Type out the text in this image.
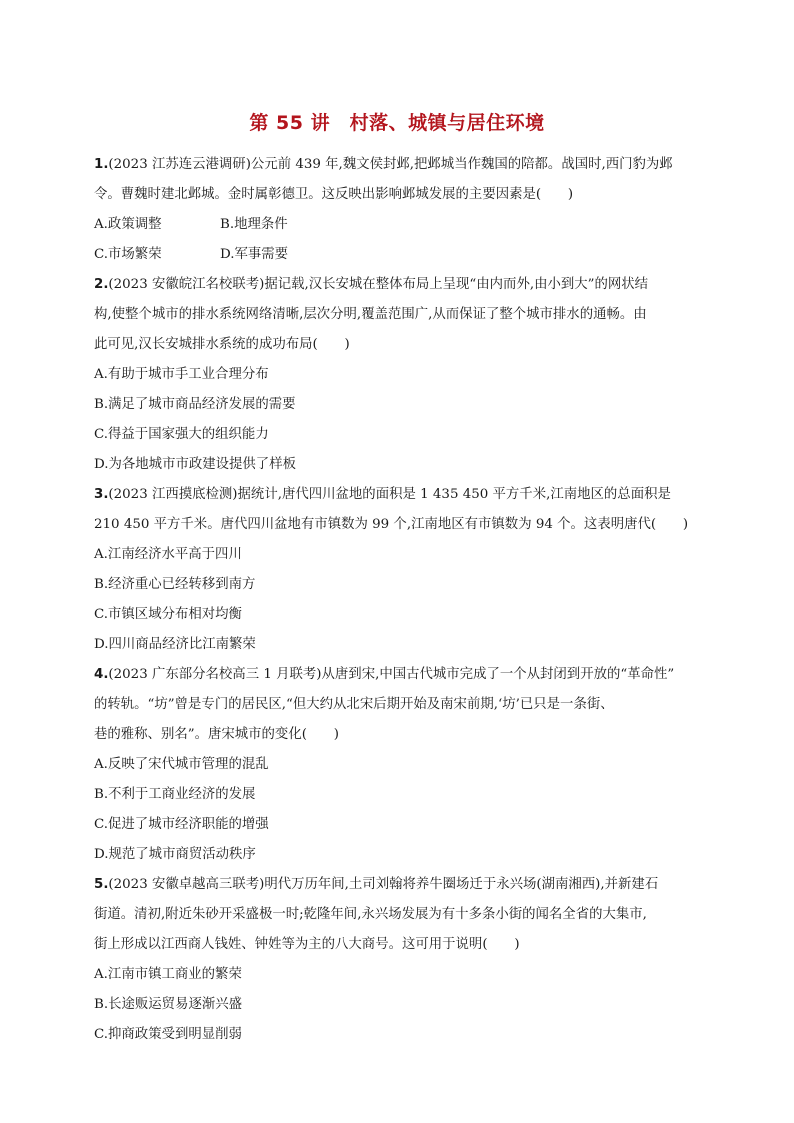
第 55 讲　村落、城镇与居住环境
1.(2023 江苏连云港调研)公元前 439 年,魏文侯封邺,把邺城当作魏国的陪都。战国时,西门豹为邺
令。曹魏时建北邺城。金时属彰德卫。这反映出影响邺城发展的主要因素是(　　)
A.政策调整	B.地理条件
C.市场繁荣	D.军事需要
2.(2023 安徽皖江名校联考)据记载,汉长安城在整体布局上呈现“由内而外,由小到大”的网状结
构,使整个城市的排水系统网络清晰,层次分明,覆盖范围广,从而保证了整个城市排水的通畅。由
此可见,汉长安城排水系统的成功布局(　　)
A.有助于城市手工业合理分布
B.满足了城市商品经济发展的需要
C.得益于国家强大的组织能力
D.为各地城市市政建设提供了样板
3.(2023 江西摸底检测)据统计,唐代四川盆地的面积是 1 435 450 平方千米,江南地区的总面积是
210 450 平方千米。唐代四川盆地有市镇数为 99 个,江南地区有市镇数为 94 个。这表明唐代(　　)
A.江南经济水平高于四川
B.经济重心已经转移到南方
C.市镇区域分布相对均衡
D.四川商品经济比江南繁荣
4.(2023 广东部分名校高三 1 月联考)从唐到宋,中国古代城市完成了一个从封闭到开放的“革命性”
的转轨。“坊”曾是专门的居民区,“但大约从北宋后期开始及南宋前期,‘坊’已只是一条街、
巷的雅称、别名”。唐宋城市的变化(　　)
A.反映了宋代城市管理的混乱
B.不利于工商业经济的发展
C.促进了城市经济职能的增强
D.规范了城市商贸活动秩序
5.(2023 安徽卓越高三联考)明代万历年间,土司刘翰将养牛圈场迁于永兴场(湖南湘西),并新建石
街道。清初,附近朱砂开采盛极一时;乾隆年间,永兴场发展为有十多条小街的闻名全省的大集市,
街上形成以江西商人钱姓、钟姓等为主的八大商号。这可用于说明(　　)
A.江南市镇工商业的繁荣
B.长途贩运贸易逐渐兴盛
C.抑商政策受到明显削弱
